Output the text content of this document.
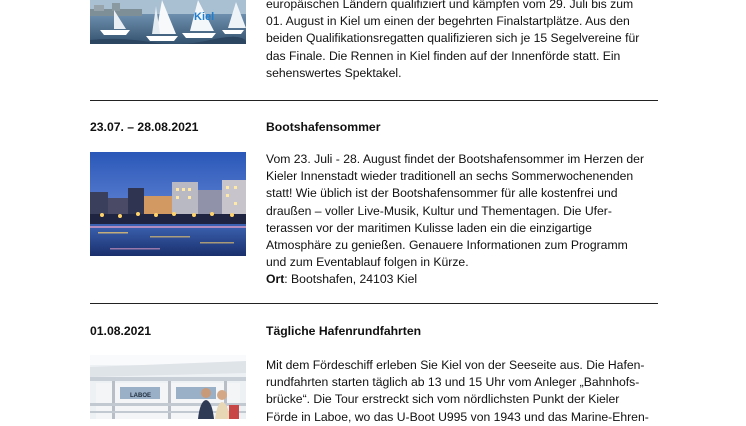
Kiel
europäischen Ländern qualifiziert und kämpfen vom 29. Juli bis zum
01. August in Kiel um einen der begehrten Finalstartplätze. Aus den
beiden Qualifikationsregatten qualifizieren sich je 15 Segelvereine für
das Finale. Die Rennen in Kiel finden auf der Innenförde statt. Ein
sehenswertes Spektakel.
23.07. – 28.08.2021	Bootshafensommer
Vom 23. Juli - 28. August findet der Bootshafensommer im Herzen der
Kieler Innenstadt wieder traditionell an sechs Sommerwochenenden
statt! Wie üblich ist der Bootshafensommer für alle kostenfrei und
draußen – voller Live-Musik, Kultur und Thementagen. Die Ufer-
terassen vor der maritimen Kulisse laden ein die einzigartige
Atmosphäre zu genießen. Genauere Informationen zum Programm
und zum Eventablauf folgen in Kürze.
Ort: Bootshafen, 24103 Kiel
01.08.2021	Tägliche Hafenrundfahrten
LABOE
Mit dem Fördeschiff erleben Sie Kiel von der Seeseite aus. Die Hafen-
rundfahrten starten täglich ab 13 und 15 Uhr vom Anleger „Bahnhofs-
brücke“. Die Tour erstreckt sich vom nördlichsten Punkt der Kieler
Förde in Laboe, wo das U-Boot U995 von 1943 und das Marine-Ehren-
